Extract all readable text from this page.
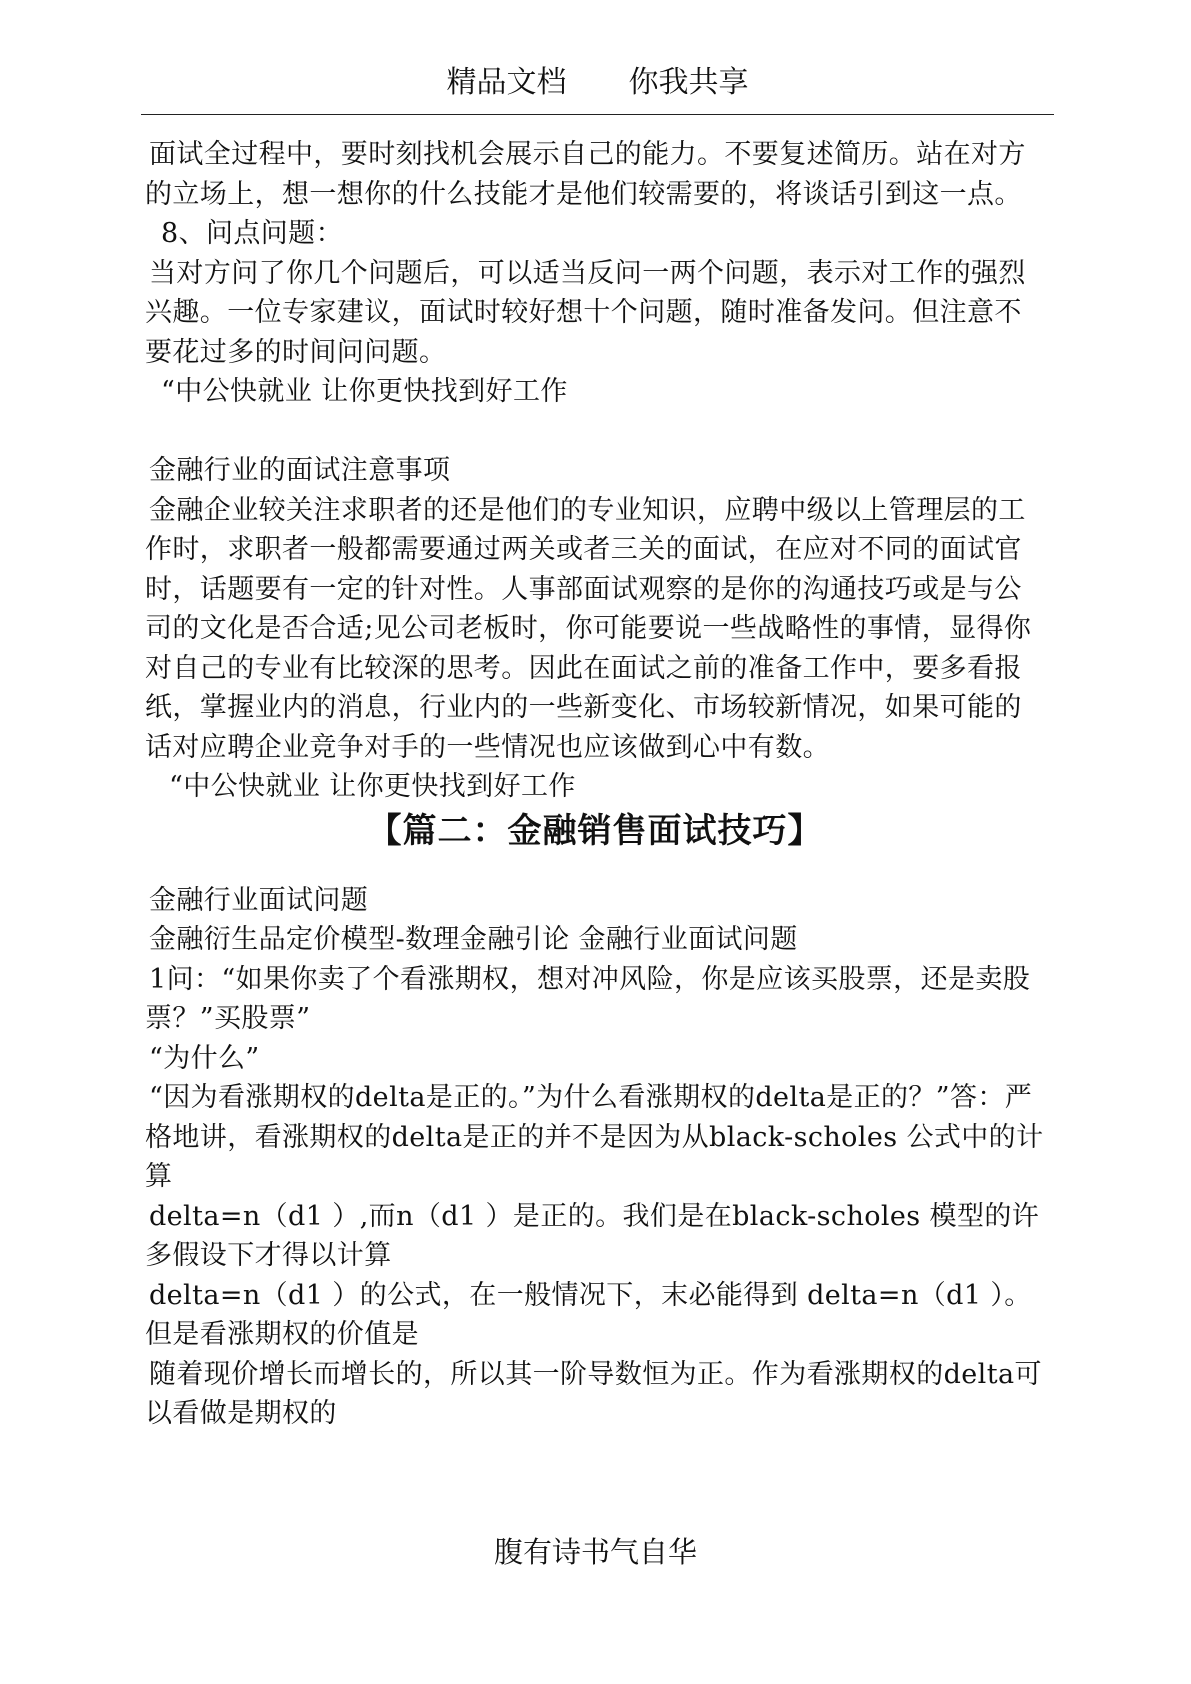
精品文档 你我共享

面试全过程中，要时刻找机会展示自己的能力。不要复述简历。站在对方的立场上，想一想你的什么技能才是他们较需要的，将谈话引到这一点。

8、问点问题：

当对方问了你几个问题后，可以适当反问一两个问题，表示对工作的强烈兴趣。一位专家建议，面试时较好想十个问题，随时准备发问。但注意不要花过多的时间问问题。

“中公快就业 让你更快找到好工作

金融行业的面试注意事项

金融企业较关注求职者的还是他们的专业知识，应聘中级以上管理层的工作时，求职者一般都需要通过两关或者三关的面试，在应对不同的面试官时，话题要有一定的针对性。人事部面试观察的是你的沟通技巧或是与公司的文化是否合适;见公司老板时，你可能要说一些战略性的事情，显得你对自己的专业有比较深的思考。因此在面试之前的准备工作中，要多看报纸，掌握业内的消息，行业内的一些新变化、市场较新情况，如果可能的话对应聘企业竞争对手的一些情况也应该做到心中有数。

“中公快就业 让你更快找到好工作

【篇二：金融销售面试技巧】

金融行业面试问题

金融衍生品定价模型-数理金融引论 金融行业面试问题

1问：“如果你卖了个看涨期权，想对冲风险，你是应该买股票，还是卖股票？”买股票”

“为什么”

“因为看涨期权的delta是正的。”为什么看涨期权的delta是正的？”答：严格地讲，看涨期权的delta是正的并不是因为从black-scholes 公式中的计算

delta=n（d1 ）,而n（d1 ）是正的。我们是在black-scholes 模型的许多假设下才得以计算

delta=n（d1 ）的公式，在一般情况下，末必能得到 delta=n（d1 ）。但是看涨期权的价值是

随着现价增长而增长的，所以其一阶导数恒为正。作为看涨期权的delta可以看做是期权的

腹有诗书气自华
